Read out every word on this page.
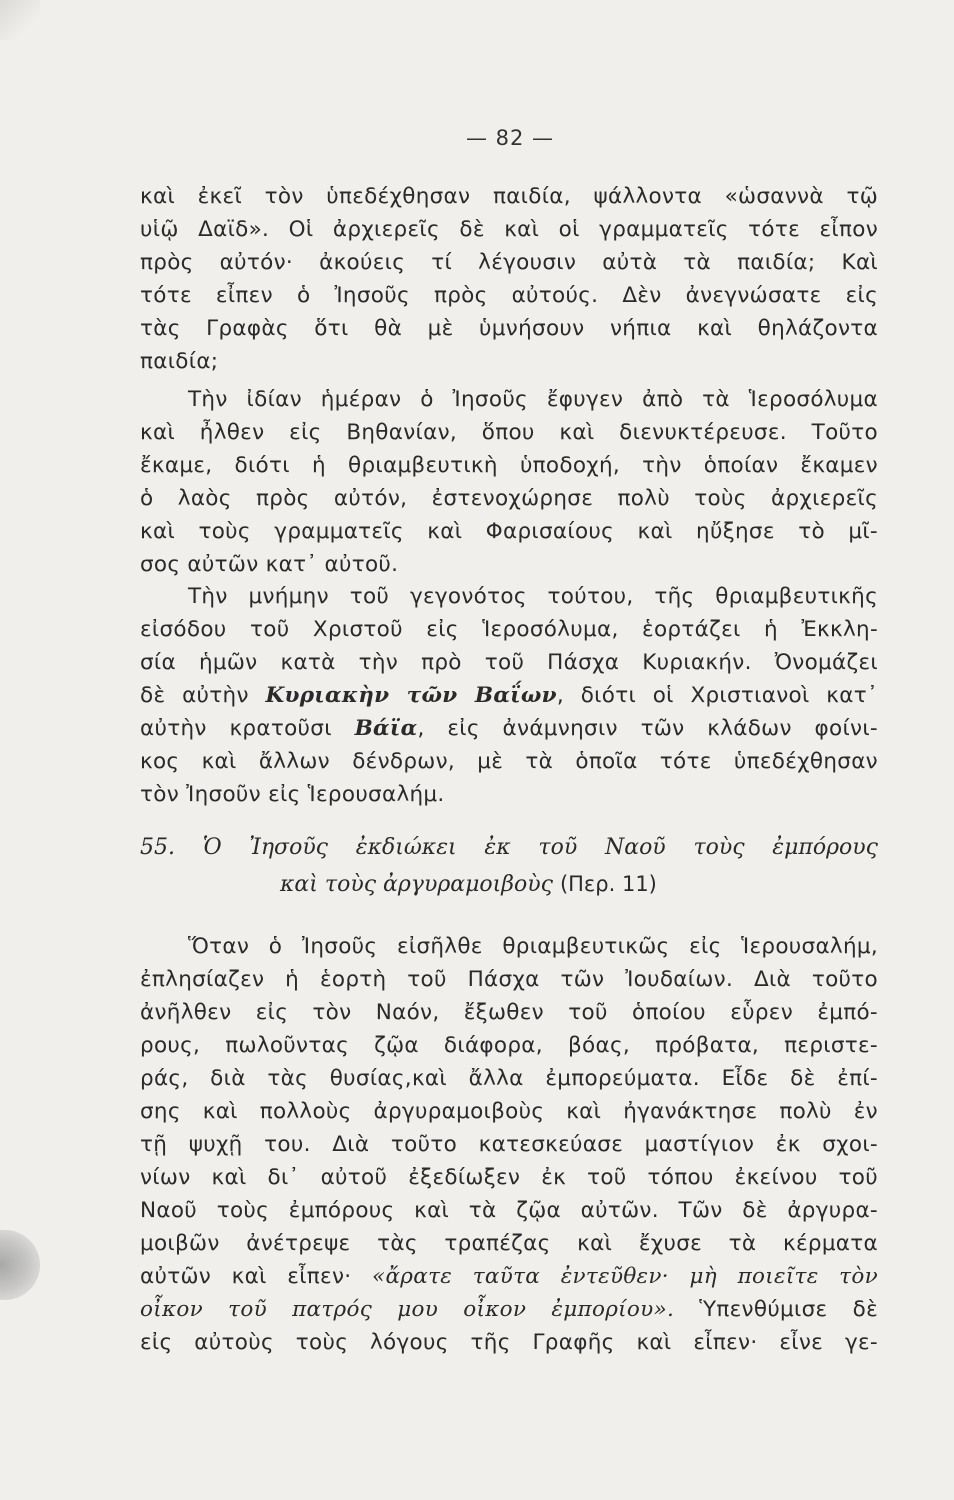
— 82 —
καὶ ἐκεῖ τὸν ὑπεδέχθησαν παιδία, ψάλλοντα «ὡσαννὰ τῷ
υἱῷ Δαϊδ». Οἱ ἀρχιερεῖς δὲ καὶ οἱ γραμματεῖς τότε εἶπον
πρὸς αὐτόν· ἀκούεις τί λέγουσιν αὐτὰ τὰ παιδία; Καὶ
τότε εἶπεν ὁ Ἰησοῦς πρὸς αὐτούς. Δὲν ἀνεγνώσατε εἰς
τὰς Γραφὰς ὅτι θὰ μὲ ὑμνήσουν νήπια καὶ θηλάζοντα
παιδία;
Τὴν ἰδίαν ἡμέραν ὁ Ἰησοῦς ἔφυγεν ἀπὸ τὰ Ἱεροσόλυμα
καὶ ἦλθεν εἰς Βηθανίαν, ὅπου καὶ διενυκτέρευσε. Τοῦτο
ἔκαμε, διότι ἡ θριαμβευτικὴ ὑποδοχή, τὴν ὁποίαν ἔκαμεν
ὁ λαὸς πρὸς αὐτόν, ἐστενοχώρησε πολὺ τοὺς ἀρχιερεῖς
καὶ τοὺς γραμματεῖς καὶ Φαρισαίους καὶ ηὔξησε τὸ μῖ-
σος αὐτῶν κατ᾽ αὐτοῦ.
Τὴν μνήμην τοῦ γεγονότος τούτου, τῆς θριαμβευτικῆς
εἰσόδου τοῦ Χριστοῦ εἰς Ἱεροσόλυμα, ἑορτάζει ἡ Ἐκκλη-
σία ἡμῶν κατὰ τὴν πρὸ τοῦ Πάσχα Κυριακήν. Ὀνομάζει
δὲ αὐτὴν Κυριακὴν τῶν Βαΐων, διότι οἱ Χριστιανοὶ κατ᾽
αὐτὴν κρατοῦσι Βάϊα, εἰς ἀνάμνησιν τῶν κλάδων φοίνι-
κος καὶ ἄλλων δένδρων, μὲ τὰ ὁποῖα τότε ὑπεδέχθησαν
τὸν Ἰησοῦν εἰς Ἱερουσαλήμ.
55. Ὁ Ἰησοῦς ἐκδιώκει ἐκ τοῦ Ναοῦ τοὺς ἐμπόρους
καὶ τοὺς ἀργυραμοιβοὺς (Περ. 11)
Ὅταν ὁ Ἰησοῦς εἰσῆλθε θριαμβευτικῶς εἰς Ἱερουσαλήμ,
ἐπλησίαζεν ἡ ἑορτὴ τοῦ Πάσχα τῶν Ἰουδαίων. Διὰ τοῦτο
ἀνῆλθεν εἰς τὸν Ναόν, ἔξωθεν τοῦ ὁποίου εὗρεν ἐμπό-
ρους, πωλοῦντας ζῷα διάφορα, βόας, πρόβατα, περιστε-
ράς, διὰ τὰς θυσίας,καὶ ἄλλα ἐμπορεύματα. Εἶδε δὲ ἐπί-
σης καὶ πολλοὺς ἀργυραμοιβοὺς καὶ ἠγανάκτησε πολὺ ἐν
τῇ ψυχῇ του. Διὰ τοῦτο κατεσκεύασε μαστίγιον ἐκ σχοι-
νίων καὶ δι᾽ αὐτοῦ ἐξεδίωξεν ἐκ τοῦ τόπου ἐκείνου τοῦ
Ναοῦ τοὺς ἐμπόρους καὶ τὰ ζῷα αὐτῶν. Τῶν δὲ ἀργυρα-
μοιβῶν ἀνέτρεψε τὰς τραπέζας καὶ ἔχυσε τὰ κέρματα
αὐτῶν καὶ εἶπεν· «ἄρατε ταῦτα ἐντεῦθεν· μὴ ποιεῖτε τὸν
οἶκον τοῦ πατρός μου οἶκον ἐμπορίου». Ὑπενθύμισε δὲ
εἰς αὐτοὺς τοὺς λόγους τῆς Γραφῆς καὶ εἶπεν· εἶνε γε-
